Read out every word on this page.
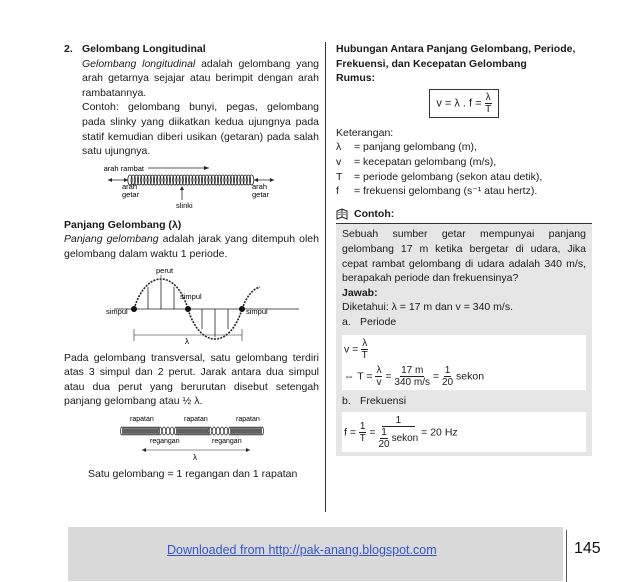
2. Gelombang Longitudinal

Gelombang longitudinal adalah gelombang yang arah getarnya sejajar atau berimpit dengan arah rambatannya.

Contoh: gelombang bunyi, pegas, gelombang pada slinky yang diikatkan kedua ujungnya pada statif kemudian diberi usikan (getaran) pada salah satu ujungnya.

arah rambat
arah getar
arah getar
slinki
Panjang Gelombang (λ)

Panjang gelombang adalah jarak yang ditempuh oleh gelombang dalam waktu 1 periode.

perut
simpul
simpul
simpul
λ

Pada gelombang transversal, satu gelombang terdiri atas 3 simpul dan 2 perut. Jarak antara dua simpul atau dua perut yang berurutan disebut setengah panjang gelombang atau ½ λ.

rapatan	rapatan	rapatan
regangan	regangan
λ

Satu gelombang = 1 regangan dan 1 rapatan

Hubungan Antara Panjang Gelombang, Periode, Frekuensi, dan Kecepatan Gelombang

Rumus:

v = λ . $f = \frac{\lambda}{T}$

Keterangan:

λ	= panjang gelombang (m),
v	= kecepatan gelombang (m/s),
T	= periode gelombang (sekon atau detik),
f	= frekuensi gelombang (s⁻¹ atau hertz).
Contoh:

Sebuah sumber getar mempunyai panjang gelombang 17 m ketika bergetar di udara, Jika cepat rambat gelombang di udara adalah 340 m/s, berapakah periode dan frekuensinya?

Jawab:

Diketahui: λ = 17 m dan v = 340 m/s.

a. Periode
$v = \frac{\lambda}{T}$
⇔ $T = \frac{\lambda}{v} = \frac{17 m}{340 m/s} = \frac{1}{20}$ sekon
b. Frekuensi
$f = \frac{1}{T} = \frac{1}{\frac{1}{20} sekon} = 20$ Hz
Downloaded from http://pak-anang.blogspot.com	145
